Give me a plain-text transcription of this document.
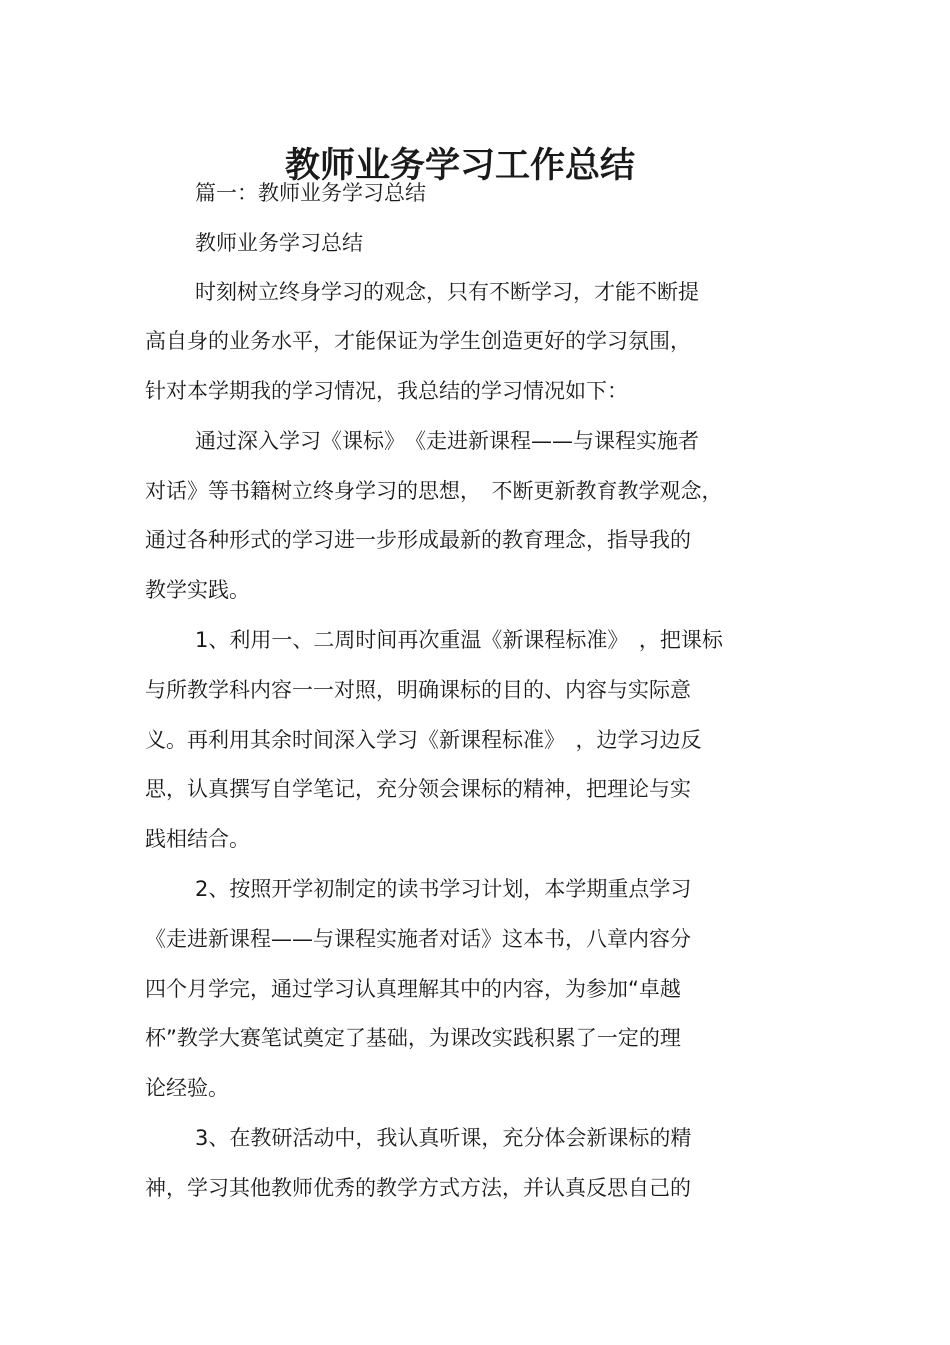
教师业务学习工作总结

篇一：教师业务学习总结

教师业务学习总结

时刻树立终身学习的观念，只有不断学习，才能不断提

高自身的业务水平，才能保证为学生创造更好的学习氛围，

针对本学期我的学习情况，我总结的学习情况如下：

通过深入学习《课标》　《走进新课程——与课程实施者

对话》等书籍树立终身学习的思想，　不断更新教育教学观念，

通过各种形式的学习进一步形成最新的教育理念，指导我的

教学实践。

1、利用一、二周时间再次重温《新课程标准》　，把课标

与所教学科内容一一对照，明确课标的目的、内容与实际意

义。再利用其余时间深入学习《新课程标准》　，边学习边反

思，认真撰写自学笔记，充分领会课标的精神，把理论与实

践相结合。

2、按照开学初制定的读书学习计划，本学期重点学习

《走进新课程——与课程实施者对话》这本书，八章内容分

四个月学完，通过学习认真理解其中的内容，为参加“卓越

杯”教学大赛笔试奠定了基础，为课改实践积累了一定的理

论经验。

3、在教研活动中，我认真听课，充分体会新课标的精

神，学习其他教师优秀的教学方式方法，并认真反思自己的
